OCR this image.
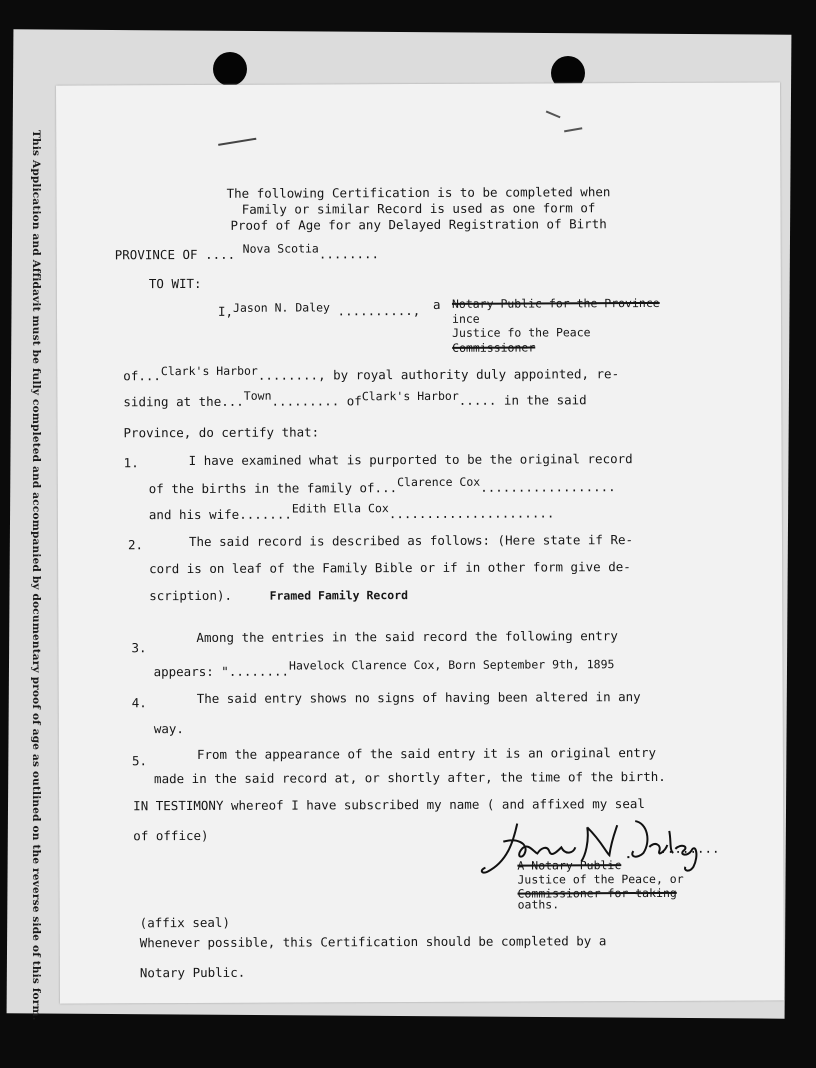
This Application and Affidavit must be fully completed and accompanied by documentary proof of age as outlined on the reverse side of this form.	The following Certification is to be completed when
Family or similar Record is used as one form of
Proof of Age for any Delayed Registration of Birth
PROVINCE OF .... Nova Scotia........
TO WIT:
I,Jason N. Daley .........., a Notary Public for the Province
ince
Justice fo the Peace
Commissioner
of...Clark's Harbor........, by royal authority duly appointed, re-
siding at the...Town......... ofClark's Harbor..... in the said
Province, do certify that:
1.	I have examined what is purported to be the original record
of the births in the family of...Clarence Cox..................
and his wife.......Edith Ella Cox......................
2.	The said record is described as follows: (Here state if Re-
cord is on leaf of the Family Bible or if in other form give de-
scription).	Framed Family Record
3.
Among the entries in the said record the following entry
appears: "........Havelock Clarence Cox, Born September 9th, 1895
4.	The said entry shows no signs of having been altered in any
way.
5.	From the appearance of the said entry it is an original entry
made in the said record at, or shortly after, the time of the birth.
IN TESTIMONY whereof I have subscribed my name ( and affixed my seal
of office)
........
A Notary Public
Justice of the Peace, or
Commissioner for taking
oaths.
(affix seal)
Whenever possible, this Certification should be completed by a
Notary Public.
